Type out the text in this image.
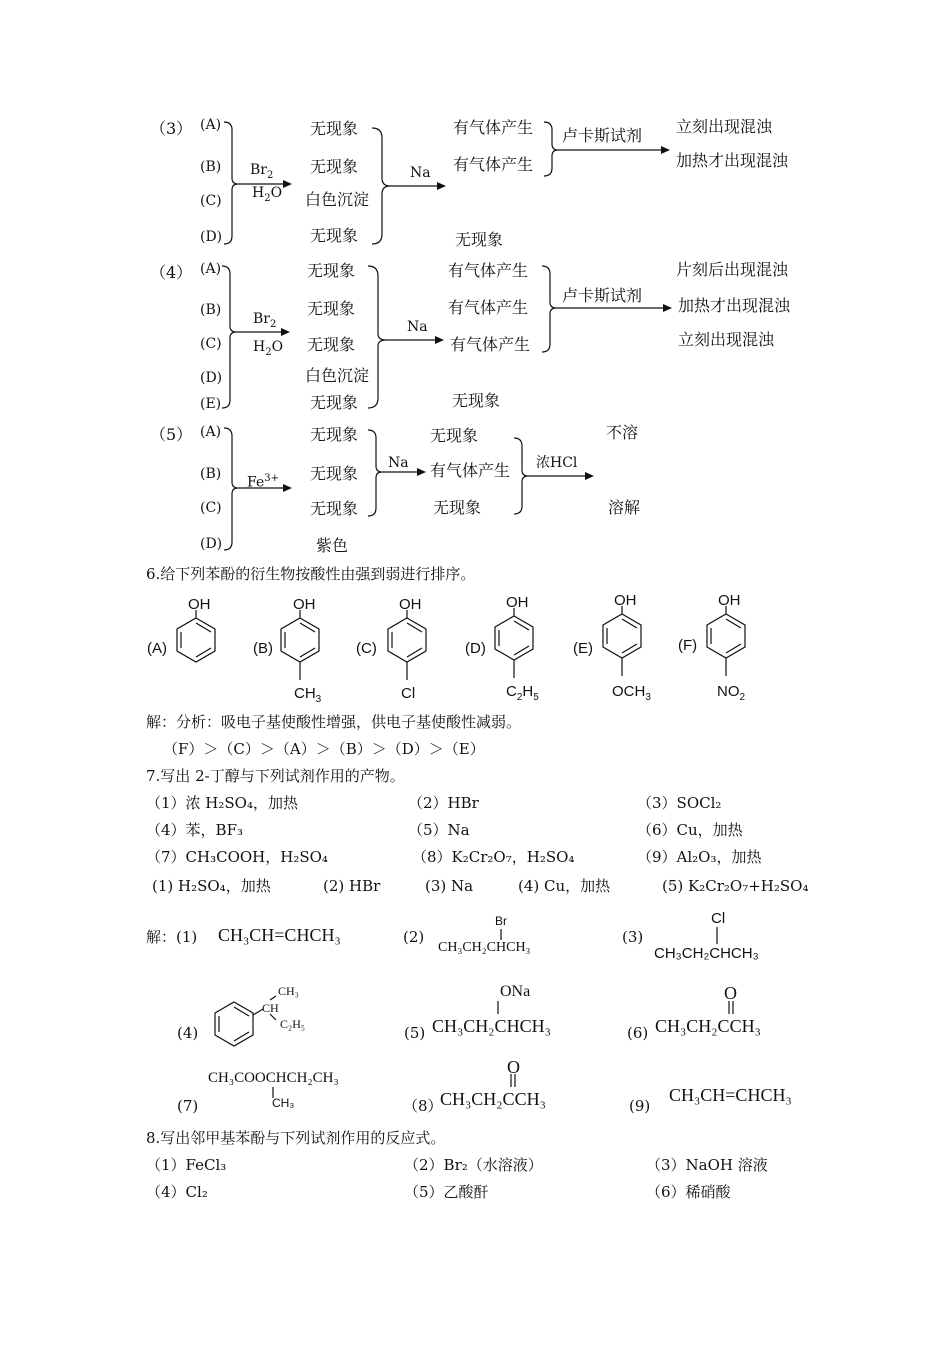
（3） (A)
(B)
(C)
(D)
$Br_2$
$H_2O$
无现象
无现象
白色沉淀
无现象
Na
有气体产生
有气体产生
无现象
卢卡斯试剂 立刻出现混浊
加热才出现混浊
（4） (A)
(B)
(C)
(D)
(E)
$Br_2$
$H_2O$
无现象
无现象
无现象
白色沉淀
无现象
Na
有气体产生
有气体产生
有气体产生
无现象
卢卡斯试剂
片刻后出现混浊
加热才出现混浊
立刻出现混浊
（5） (A)
(B)
(C)
(D)
$Fe^{3+}$
无现象
无现象
无现象
紫色
Na
无现象
有气体产生
无现象
浓HCl
不溶
溶解
6.给下列苯酚的衍生物按酸性由强到弱进行排序。
(A)
OH
(B)
OH
$CH_3$
(C)
OH
Cl
(D)
OH
$C_2H_5$
(E)
OH
$OCH_3$
(F)
OH
$NO_2$
解：分析：吸电子基使酸性增强，供电子基使酸性减弱。
（F）＞（C）＞（A）＞（B）＞（D）＞（E）
7.写出 2-丁醇与下列试剂作用的产物。
（1）浓 H₂SO₄，加热	（2）HBr	（3）SOCl₂
（4）苯，BF₃	（5）Na	（6）Cu，加热
（7）CH₃COOH，H₂SO₄	（8）K₂Cr₂O₇，H₂SO₄	（9）Al₂O₃，加热
(1) H₂SO₄，加热	(2) HBr	(3) Na	(4) Cu，加热	(5) K₂Cr₂O₇+H₂SO₄
解：(1) CH₃CH=CHCH₃	(2)
Br
CH₃CH₂CHCH₃
(3)
Cl
CH₃CH₂CHCH₃
(4)
CH₃
CH
C₂H₅	(5)
ONa
CH₃CH₂CHCH₃	(6)
O
CH₃CH₂CCH₃
(7)
CH₃COOCHCH₂CH₃
CH₃	（8）
O
CH₃CH₂CCH₃	(9)
CH₃CH=CHCH₃
8.写出邻甲基苯酚与下列试剂作用的反应式。
（1）FeCl₃	（2）Br₂（水溶液）	（3）NaOH 溶液
（4）Cl₂	（5）乙酸酐	（6）稀硝酸
